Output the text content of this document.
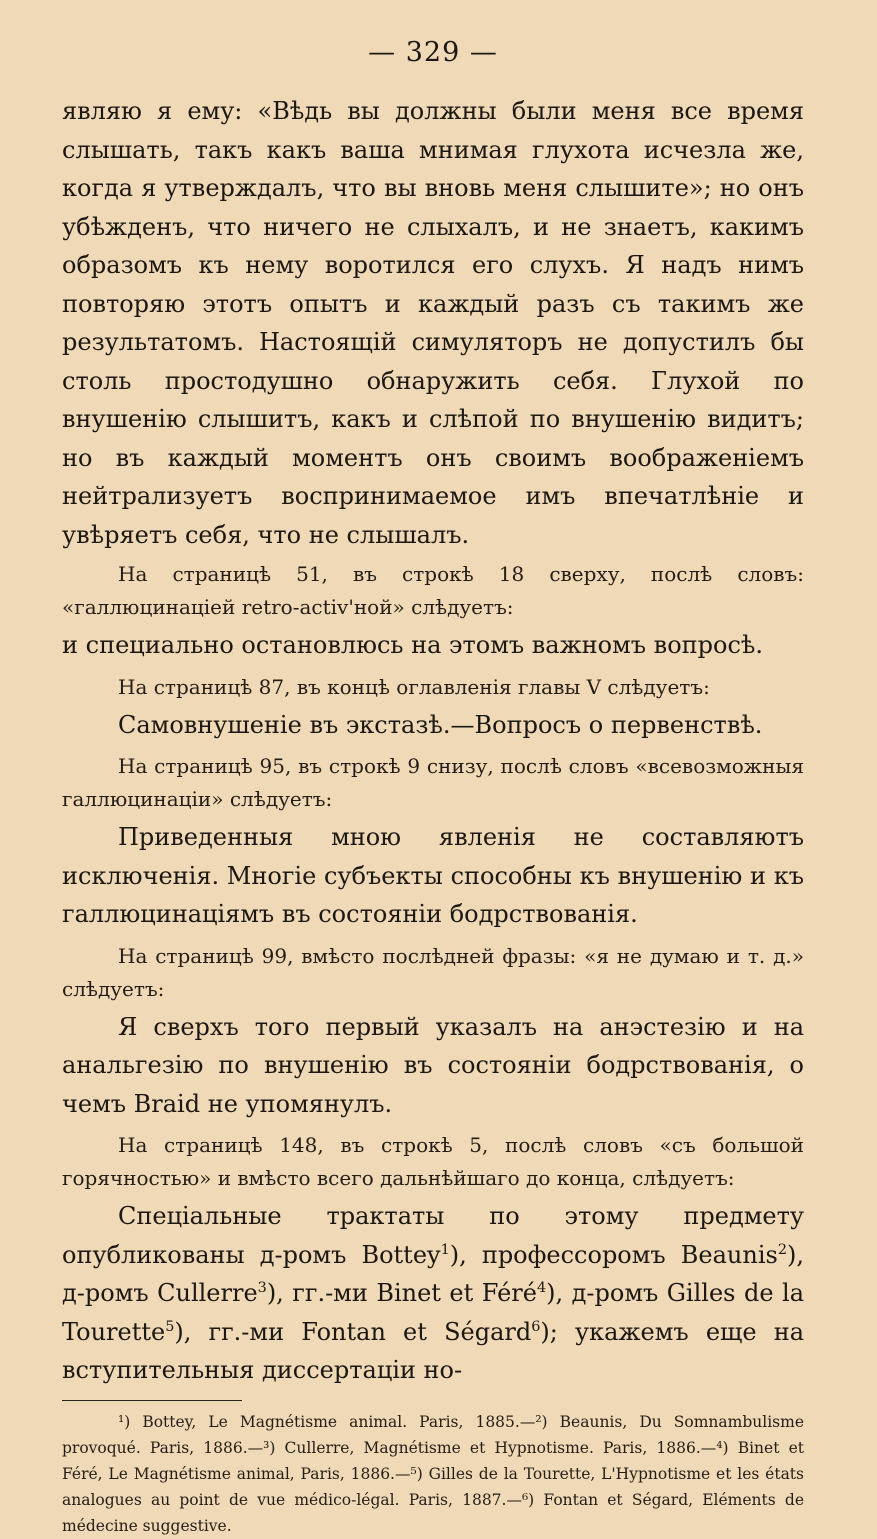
— 329 —

являю я ему: «Вѣдь вы должны были меня все время слышать, такъ какъ ваша мнимая глухота исчезла же, когда я утверждалъ, что вы вновь меня слышите»; но онъ убѣжденъ, что ничего не слыхалъ, и не знаетъ, какимъ образомъ къ нему воротился его слухъ. Я надъ нимъ повторяю этотъ опытъ и каждый разъ съ такимъ же результатомъ. Настоящій симуляторъ не допустилъ бы столь простодушно обнаружить себя. Глухой по внушенію слышитъ, какъ и слѣпой по внушенію видитъ; но въ каждый моментъ онъ своимъ воображеніемъ нейтрализуетъ воспринимаемое имъ впечатлѣніе и увѣряетъ себя, что не слышалъ.

На страницѣ 51, въ строкѣ 18 сверху, послѣ словъ: «галлюцинаціей retro-activ'ной» слѣдуетъ:

и специально остановлюсь на этомъ важномъ вопросѣ.

На страницѣ 87, въ концѣ оглавленія главы V слѣдуетъ:

Самовнушеніе въ экстазѣ.—Вопросъ о первенствѣ.

На страницѣ 95, въ строкѣ 9 снизу, послѣ словъ «всевозможныя галлюцинаціи» слѣдуетъ:

Приведенныя мною явленія не составляютъ исключенія. Многіе субъекты способны къ внушенію и къ галлюцинаціямъ въ состояніи бодрствованія.

На страницѣ 99, вмѣсто послѣдней фразы: «я не думаю и т. д.» слѣдуетъ:

Я сверхъ того первый указалъ на анэстезію и на анальгезію по внушенію въ состояніи бодрствованія, о чемъ Braid не упомянулъ.

На страницѣ 148, въ строкѣ 5, послѣ словъ «съ большой горячностью» и вмѣсто всего дальнѣйшаго до конца, слѣдуетъ:

Спеціальные трактаты по этому предмету опубликованы д-ромъ Bottey$^1$), профессоромъ Beaunis$^2$), д-ромъ Cullerre$^3$), гг.-ми Binet et Féré$^4$), д-ромъ Gilles de la Tourette$^5$), гг.-ми Fontan et Ségard$^6$); укажемъ еще на вступительныя диссертаціи но-

¹) Bottey, Le Magnétisme animal. Paris, 1885.—²) Beaunis, Du Somnambulisme provoqué. Paris, 1886.—³) Cullerre, Magnétisme et Hypnotisme. Paris, 1886.—⁴) Binet et Féré, Le Magnétisme animal, Paris, 1886.—⁵) Gilles de la Tourette, L'Hypnotisme et les états analogues au point de vue médico-légal. Paris, 1887.—⁶) Fontan et Ségard, Eléments de médecine suggestive.
